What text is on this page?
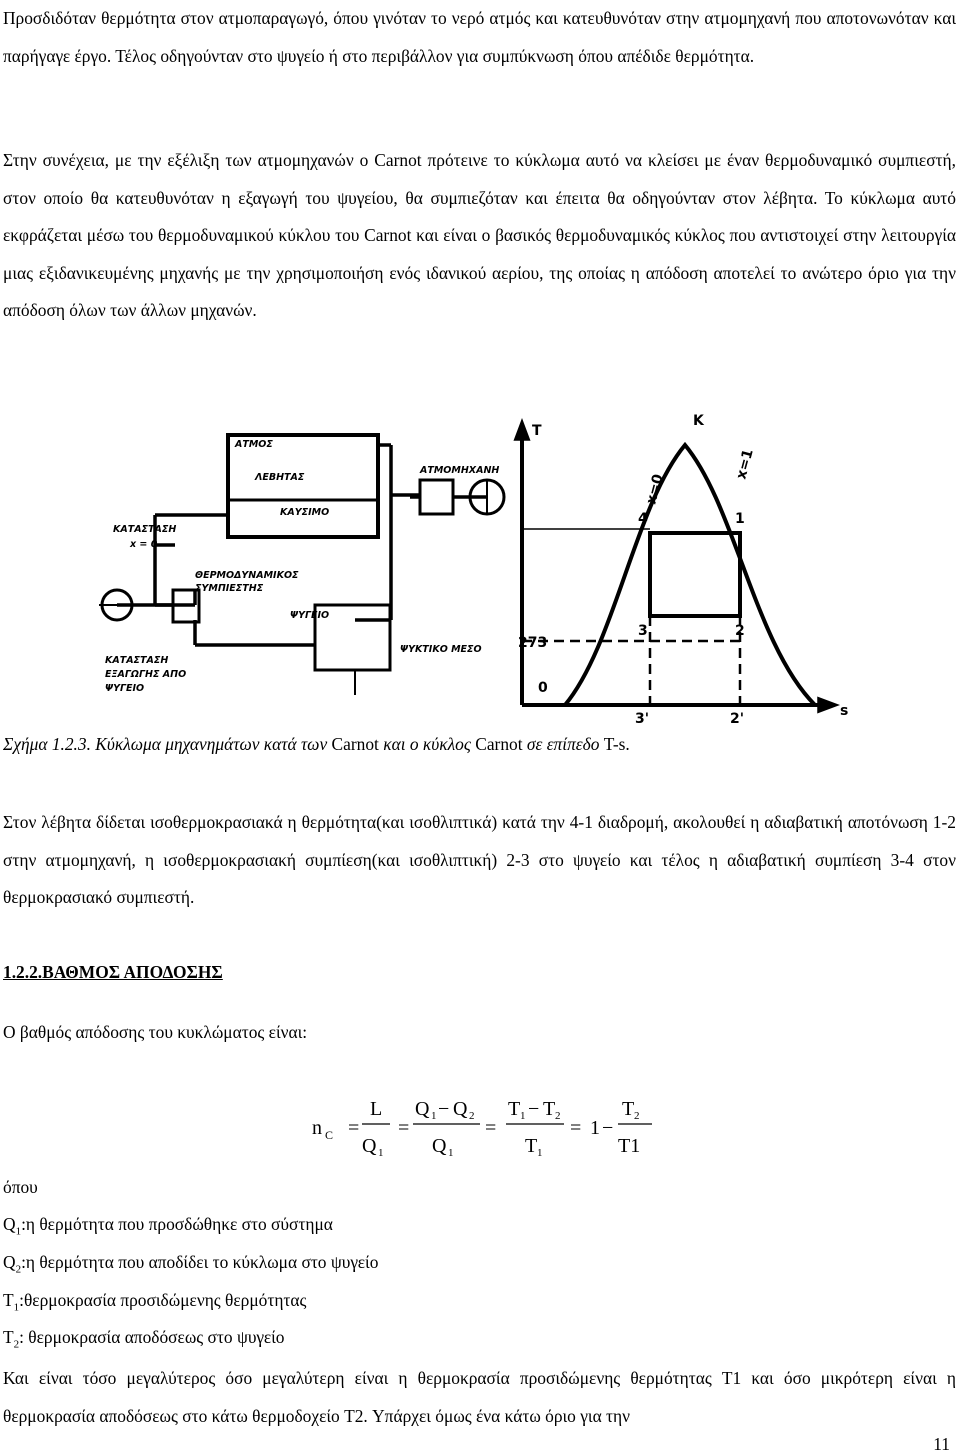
Προσδιδόταν θερμότητα στον ατμοπαραγωγό, όπου γινόταν το νερό ατμός και κατευθυνόταν στην ατμομηχανή που αποτονωνόταν και παρήγαγε έργο. Τέλος οδηγούνταν στο ψυγείο ή στο περιβάλλον για συμπύκνωση όπου απέδιδε θερμότητα.

Στην συνέχεια, με την εξέλιξη των ατμομηχανών ο Carnot πρότεινε το κύκλωμα αυτό να κλείσει με έναν θερμοδυναμικό συμπιεστή, στον οποίο θα κατευθυνόταν η εξαγωγή του ψυγείου, θα συμπιεζόταν και έπειτα θα οδηγούνταν στον λέβητα. Το κύκλωμα αυτό εκφράζεται μέσω του θερμοδυναμικού κύκλου του Carnot και είναι ο βασικός θερμοδυναμικός κύκλος που αντιστοιχεί στην λειτουργία μιας εξιδανικευμένης μηχανής με την χρησιμοποιήση ενός ιδανικού αερίου, της οποίας η απόδοση αποτελεί το ανώτερο όριο για την απόδοση όλων των άλλων μηχανών.

ΑΤΜΟΣ
ΛΕΒΗΤΑΣ
ΚΑΥΣΙΜΟ
ΑΤΜΟΜΗΧΑΝΗ
ΚΑΤΑΣΤΑΣΗ
x = 0
ΘΕΡΜΟΔΥΝΑΜΙΚΟΣ
ΣΥΜΠΙΕΣΤΗΣ
ΨΥΓΕΙΟ
ΨΥΚΤΙΚΟ ΜΕΣΟ
ΚΑΤΑΣΤΑΣΗ
ΕΞΑΓΩΓΗΣ ΑΠΟ
ΨΥΓΕΙΟ
T
s
K
x=0
x=1
1
2
3
4
273
0
3'	2'
Σχήμα 1.2.3. Κύκλωμα μηχανημάτων κατά των Carnot και ο κύκλος Carnot σε επίπεδο T-s.

Στον λέβητα δίδεται ισοθερμοκρασιακά η θερμότητα(και ισοθλιπτικά) κατά την 4-1 διαδρομή, ακολουθεί η αδιαβατική αποτόνωση 1-2 στην ατμομηχανή, η ισοθερμοκρασιακή συμπίεση(και ισοθλιπτική) 2-3 στο ψυγείο και τέλος η αδιαβατική συμπίεση 3-4 στον θερμοκρασιακό συμπιεστή.

1.2.2.ΒΑΘΜΟΣ ΑΠΟΔΟΣΗΣ
Ο βαθμός απόδοσης του κυκλώματος είναι:
n C =
L
Q 1
=
Q 1 − Q 2
Q 1
=
T 1 − T 2
T 1
= 1 −
T 2
T1
όπου
$Q_1:\eta$ θερμότητα που προσδώθηκε στο σύστημα
$Q_2:\eta$ θερμότητα που αποδίδει το κύκλωμα στο ψυγείο
$T_1:\theta\varepsilon\rho\mu o\kappa\rho\alpha\sigma ί\alpha$ προσιδώμενης θερμότητας
$T_2$: θερμοκρασία αποδόσεως στο ψυγείο

Και είναι τόσο μεγαλύτερος όσο μεγαλύτερη είναι η θερμοκρασία προσιδώμενης θερμότητας T1 και όσο μικρότερη είναι η θερμοκρασία αποδόσεως στο κάτω θερμοδοχείο T2. Υπάρχει όμως ένα κάτω όριο για την

11
